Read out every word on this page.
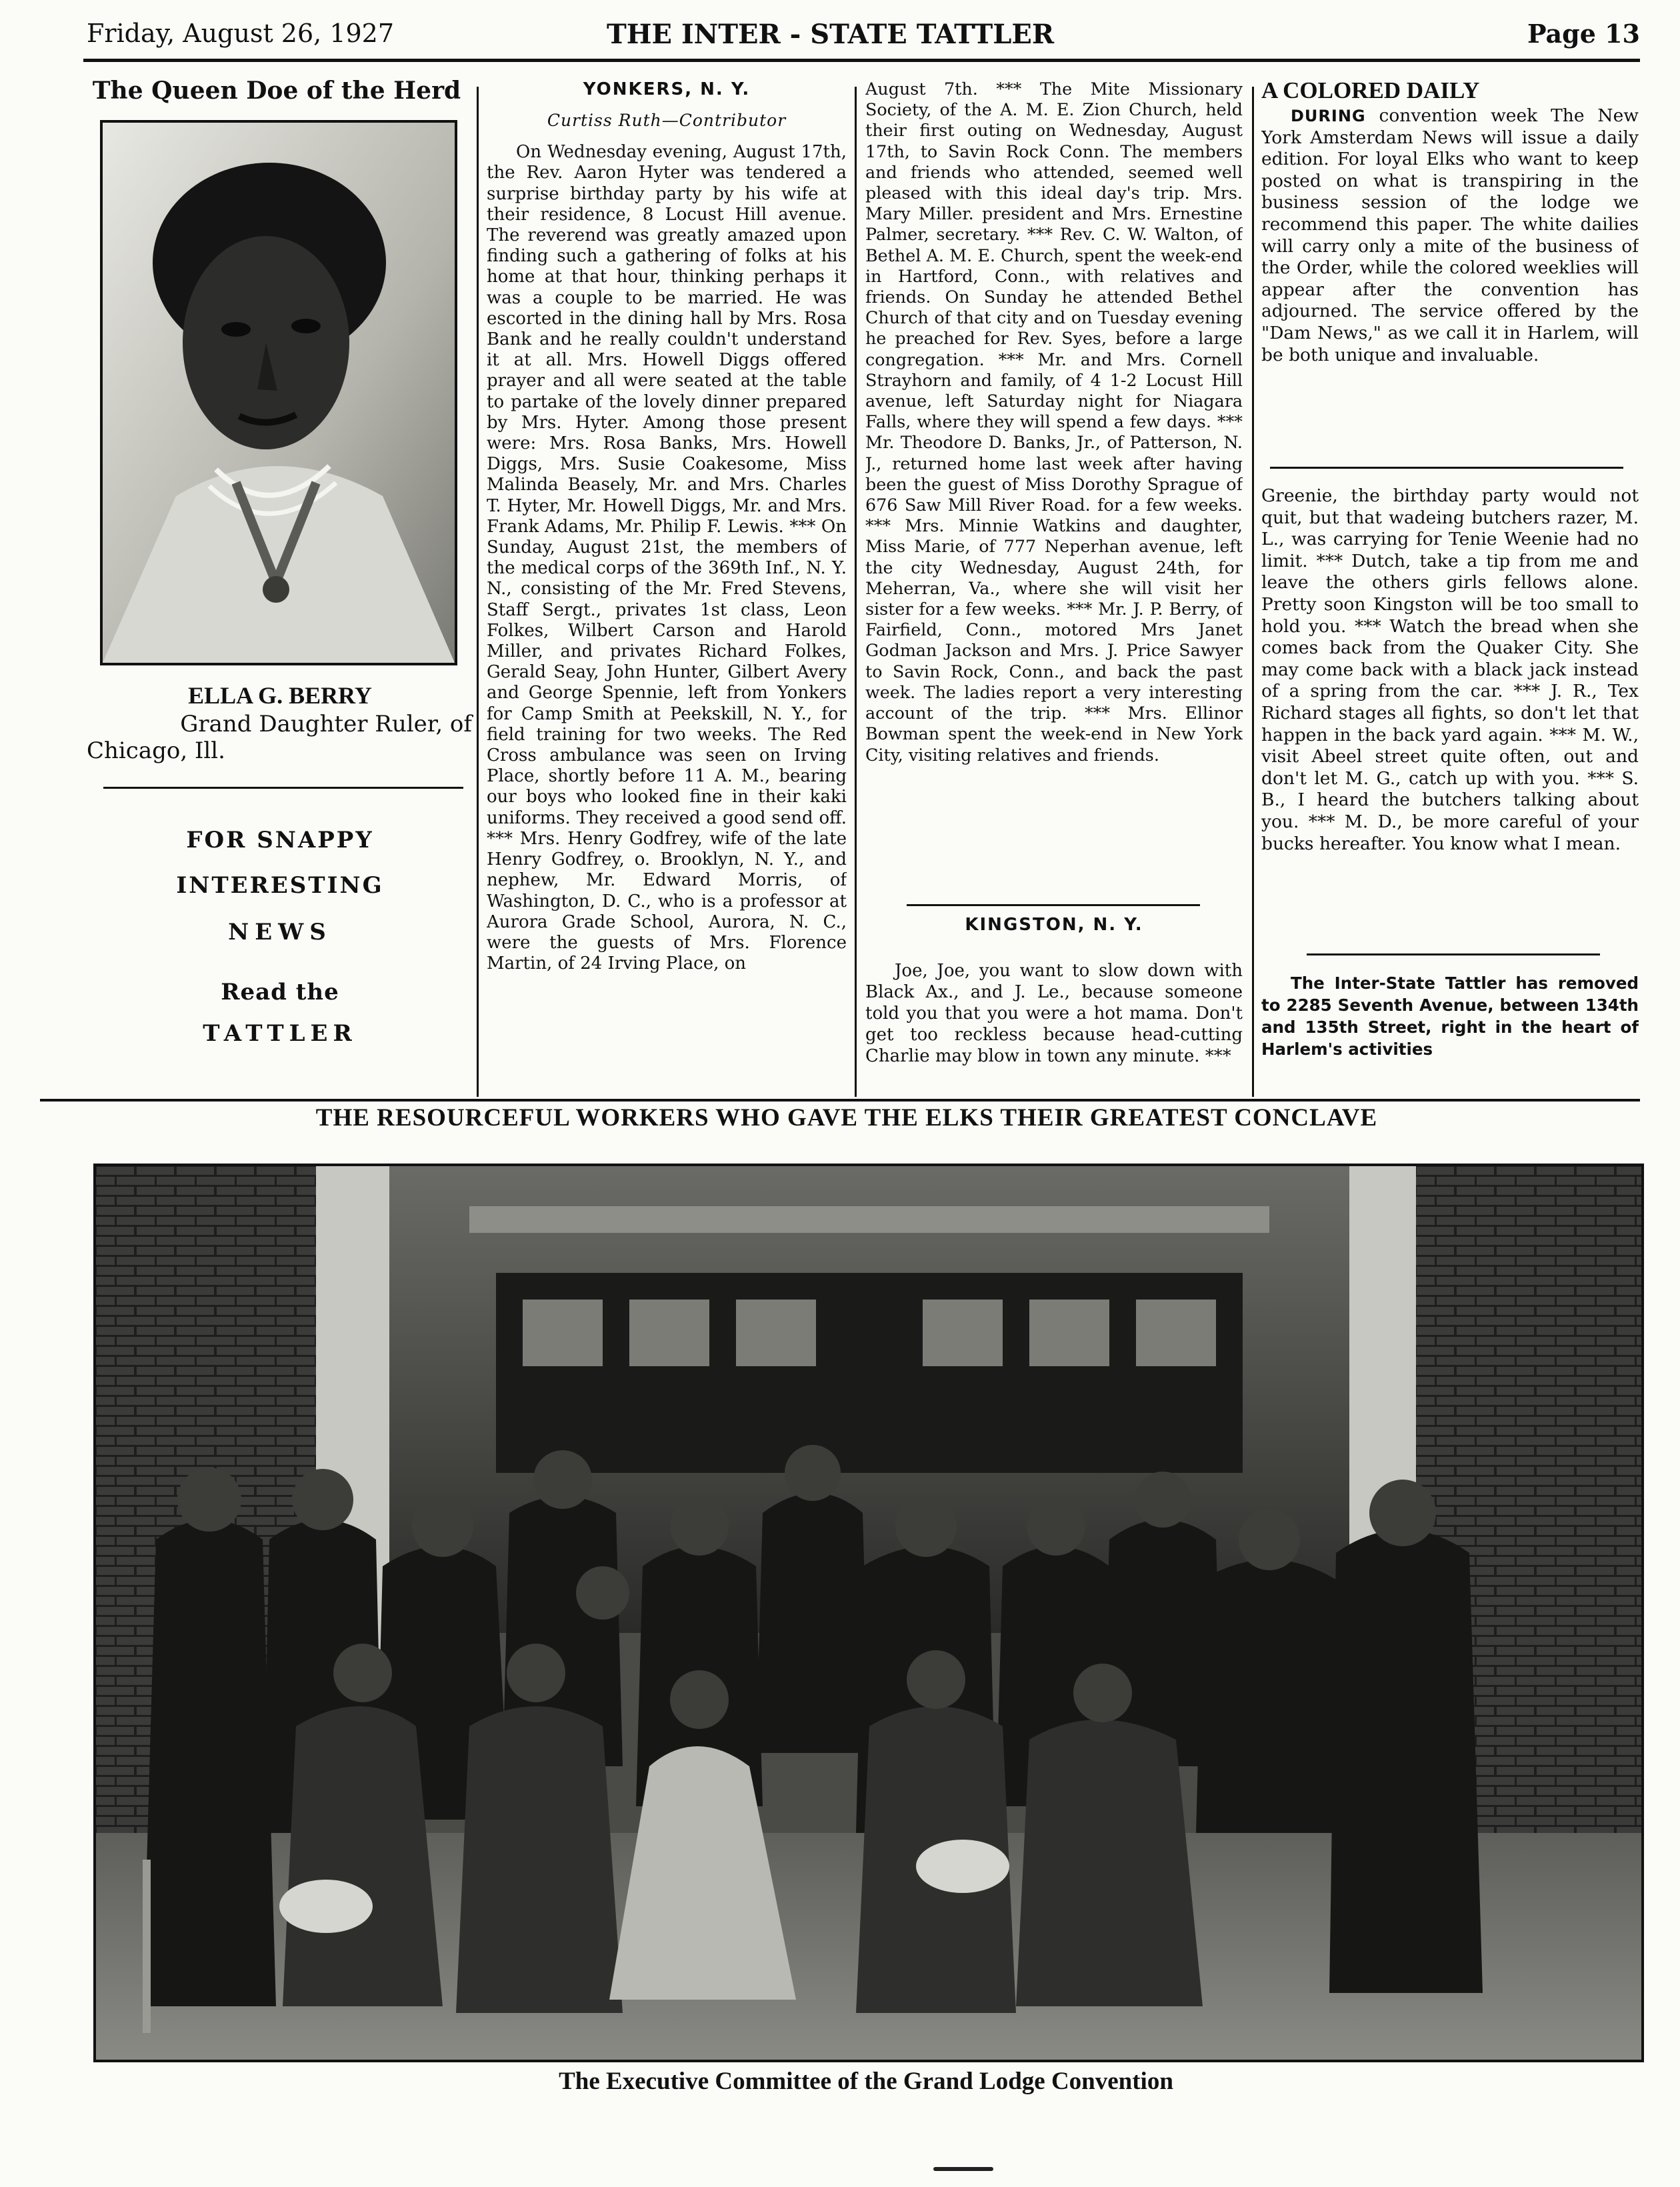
Friday, August 26, 1927	THE INTER - STATE TATTLER	Page 13
The Queen Doe of the Herd
ELLA G. BERRY
Grand Daughter Ruler, of
Chicago, Ill.

FOR SNAPPY

INTERESTING

NEWS

Read the

TATTLER

YONKERS, N. Y.
Curtiss Ruth—Contributor

On Wednesday evening, August 17th, the Rev. Aaron Hyter was tendered a surprise birthday party by his wife at their residence, 8 Locust Hill avenue. The reverend was greatly amazed upon finding such a gathering of folks at his home at that hour, thinking perhaps it was a couple to be married. He was escorted in the dining hall by Mrs. Rosa Bank and he really couldn't understand it at all. Mrs. Howell Diggs offered prayer and all were seated at the table to partake of the lovely dinner prepared by Mrs. Hyter. Among those present were: Mrs. Rosa Banks, Mrs. Howell Diggs, Mrs. Susie Coakesome, Miss Malinda Beasely, Mr. and Mrs. Charles T. Hyter, Mr. Howell Diggs, Mr. and Mrs. Frank Adams, Mr. Philip F. Lewis. *** On Sunday, August 21st, the members of the medical corps of the 369th Inf., N. Y. N., consisting of the Mr. Fred Stevens, Staff Sergt., privates 1st class, Leon Folkes, Wilbert Carson and Harold Miller, and privates Richard Folkes, Gerald Seay, John Hunter, Gilbert Avery and George Spennie, left from Yonkers for Camp Smith at Peekskill, N. Y., for field training for two weeks. The Red Cross ambulance was seen on Irving Place, shortly before 11 A. M., bearing our boys who looked fine in their kaki uniforms. They received a good send off. *** Mrs. Henry Godfrey, wife of the late Henry Godfrey, o. Brooklyn, N. Y., and nephew, Mr. Edward Morris, of Washington, D. C., who is a professor at Aurora Grade School, Aurora, N. C., were the guests of Mrs. Florence Martin, of 24 Irving Place, on

August 7th. *** The Mite Missionary Society, of the A. M. E. Zion Church, held their first outing on Wednesday, August 17th, to Savin Rock Conn. The members and friends who attended, seemed well pleased with this ideal day's trip. Mrs. Mary Miller. president and Mrs. Ernestine Palmer, secretary. *** Rev. C. W. Walton, of Bethel A. M. E. Church, spent the week-end in Hartford, Conn., with relatives and friends. On Sunday he attended Bethel Church of that city and on Tuesday evening he preached for Rev. Syes, before a large congregation. *** Mr. and Mrs. Cornell Strayhorn and family, of 4 1-2 Locust Hill avenue, left Saturday night for Niagara Falls, where they will spend a few days. *** Mr. Theodore D. Banks, Jr., of Patterson, N. J., returned home last week after having been the guest of Miss Dorothy Sprague of 676 Saw Mill River Road. for a few weeks. *** Mrs. Minnie Watkins and daughter, Miss Marie, of 777 Neperhan avenue, left the city Wednesday, August 24th, for Meherran, Va., where she will visit her sister for a few weeks. *** Mr. J. P. Berry, of Fairfield, Conn., motored Mrs Janet Godman Jackson and Mrs. J. Price Sawyer to Savin Rock, Conn., and back the past week. The ladies report a very interesting account of the trip. *** Mrs. Ellinor Bowman spent the week-end in New York City, visiting relatives and friends.

KINGSTON, N. Y.

Joe, Joe, you want to slow down with Black Ax., and J. Le., because someone told you that you were a hot mama. Don't get too reckless because head-cutting Charlie may blow in town any minute. ***

A COLORED DAILY

DURING convention week The New York Amsterdam News will issue a daily edition. For loyal Elks who want to keep posted on what is transpiring in the business session of the lodge we recommend this paper. The white dailies will carry only a mite of the business of the Order, while the colored weeklies will appear after the convention has adjourned. The service offered by the "Dam News," as we call it in Harlem, will be both unique and invaluable.

Greenie, the birthday party would not quit, but that wadeing butchers razer, M. L., was carrying for Tenie Weenie had no limit. *** Dutch, take a tip from me and leave the others girls fellows alone. Pretty soon Kingston will be too small to hold you. *** Watch the bread when she comes back from the Quaker City. She may come back with a black jack instead of a spring from the car. *** J. R., Tex Richard stages all fights, so don't let that happen in the back yard again. *** M. W., visit Abeel street quite often, out and don't let M. G., catch up with you. *** S. B., I heard the butchers talking about you. *** M. D., be more careful of your bucks hereafter. You know what I mean.

The Inter-State Tattler has removed to 2285 Seventh Avenue, between 134th and 135th Street, right in the heart of Harlem's activities

THE RESOURCEFUL WORKERS WHO GAVE THE ELKS THEIR GREATEST CONCLAVE
The Executive Committee of the Grand Lodge Convention
